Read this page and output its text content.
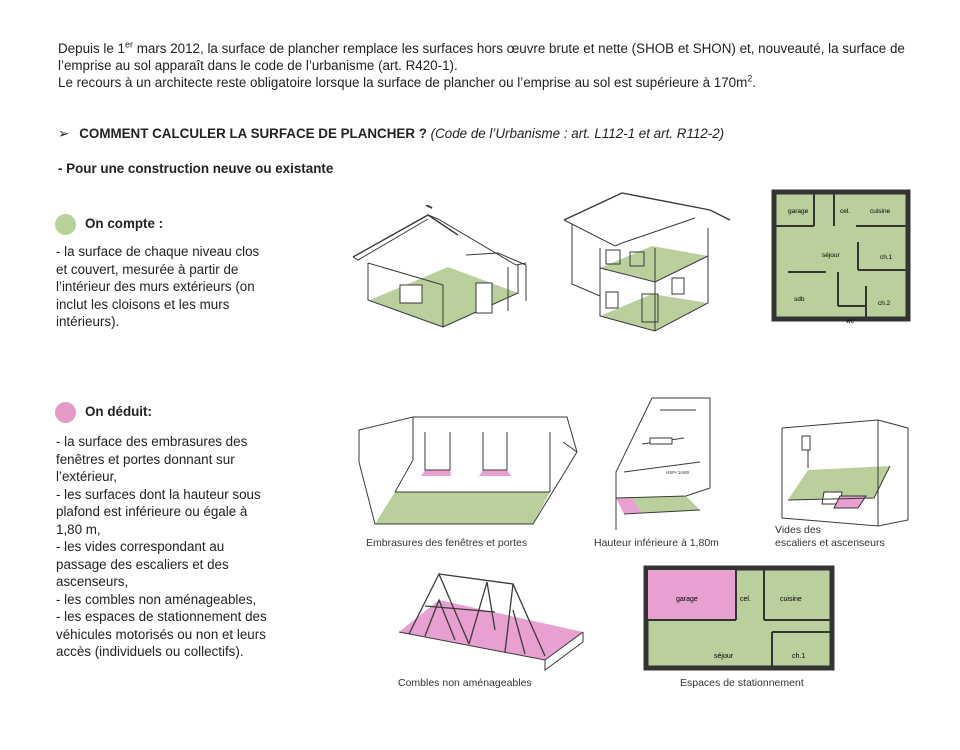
Depuis le 1er mars 2012, la surface de plancher remplace les surfaces hors œuvre brute et nette (SHOB et SHON) et, nouveauté, la surface de l’emprise au sol apparaît dans le code de l’urbanisme (art. R420-1).

Le recours à un architecte reste obligatoire lorsque la surface de plancher ou l’emprise au sol est supérieure à $170m^2$.

➢ COMMENT CALCULER LA SURFACE DE PLANCHER ? (Code de l’Urbanisme : art. L112-1 et art. R112-2)
- Pour une construction neuve ou existante
On compte :
- la surface de chaque niveau clos
et couvert, mesurée à partir de
l’intérieur des murs extérieurs (on
inclut les cloisons et les murs
intérieurs).
On déduit:
- la surface des embrasures des
fenêtres et portes donnant sur
l’extérieur,
- les surfaces dont la hauteur sous
plafond est inférieure ou égale à
1,80 m,
- les vides correspondant au
passage des escaliers et des
ascenseurs,
- les combles non aménageables,
- les espaces de stationnement des
véhicules motorisés ou non et leurs
accès (individuels ou collectifs).
garage	cel.	cuisine
séjour	ch.1
sdb
ch.2
wc
HSP<1m80
Embrasures des fenêtres et portes	Hauteur inférieure à 1,80m
Vides des
escaliers et ascenseurs
garage	cel.	cuisine
séjour	ch.1
Combles non aménageables	Espaces de stationnement
